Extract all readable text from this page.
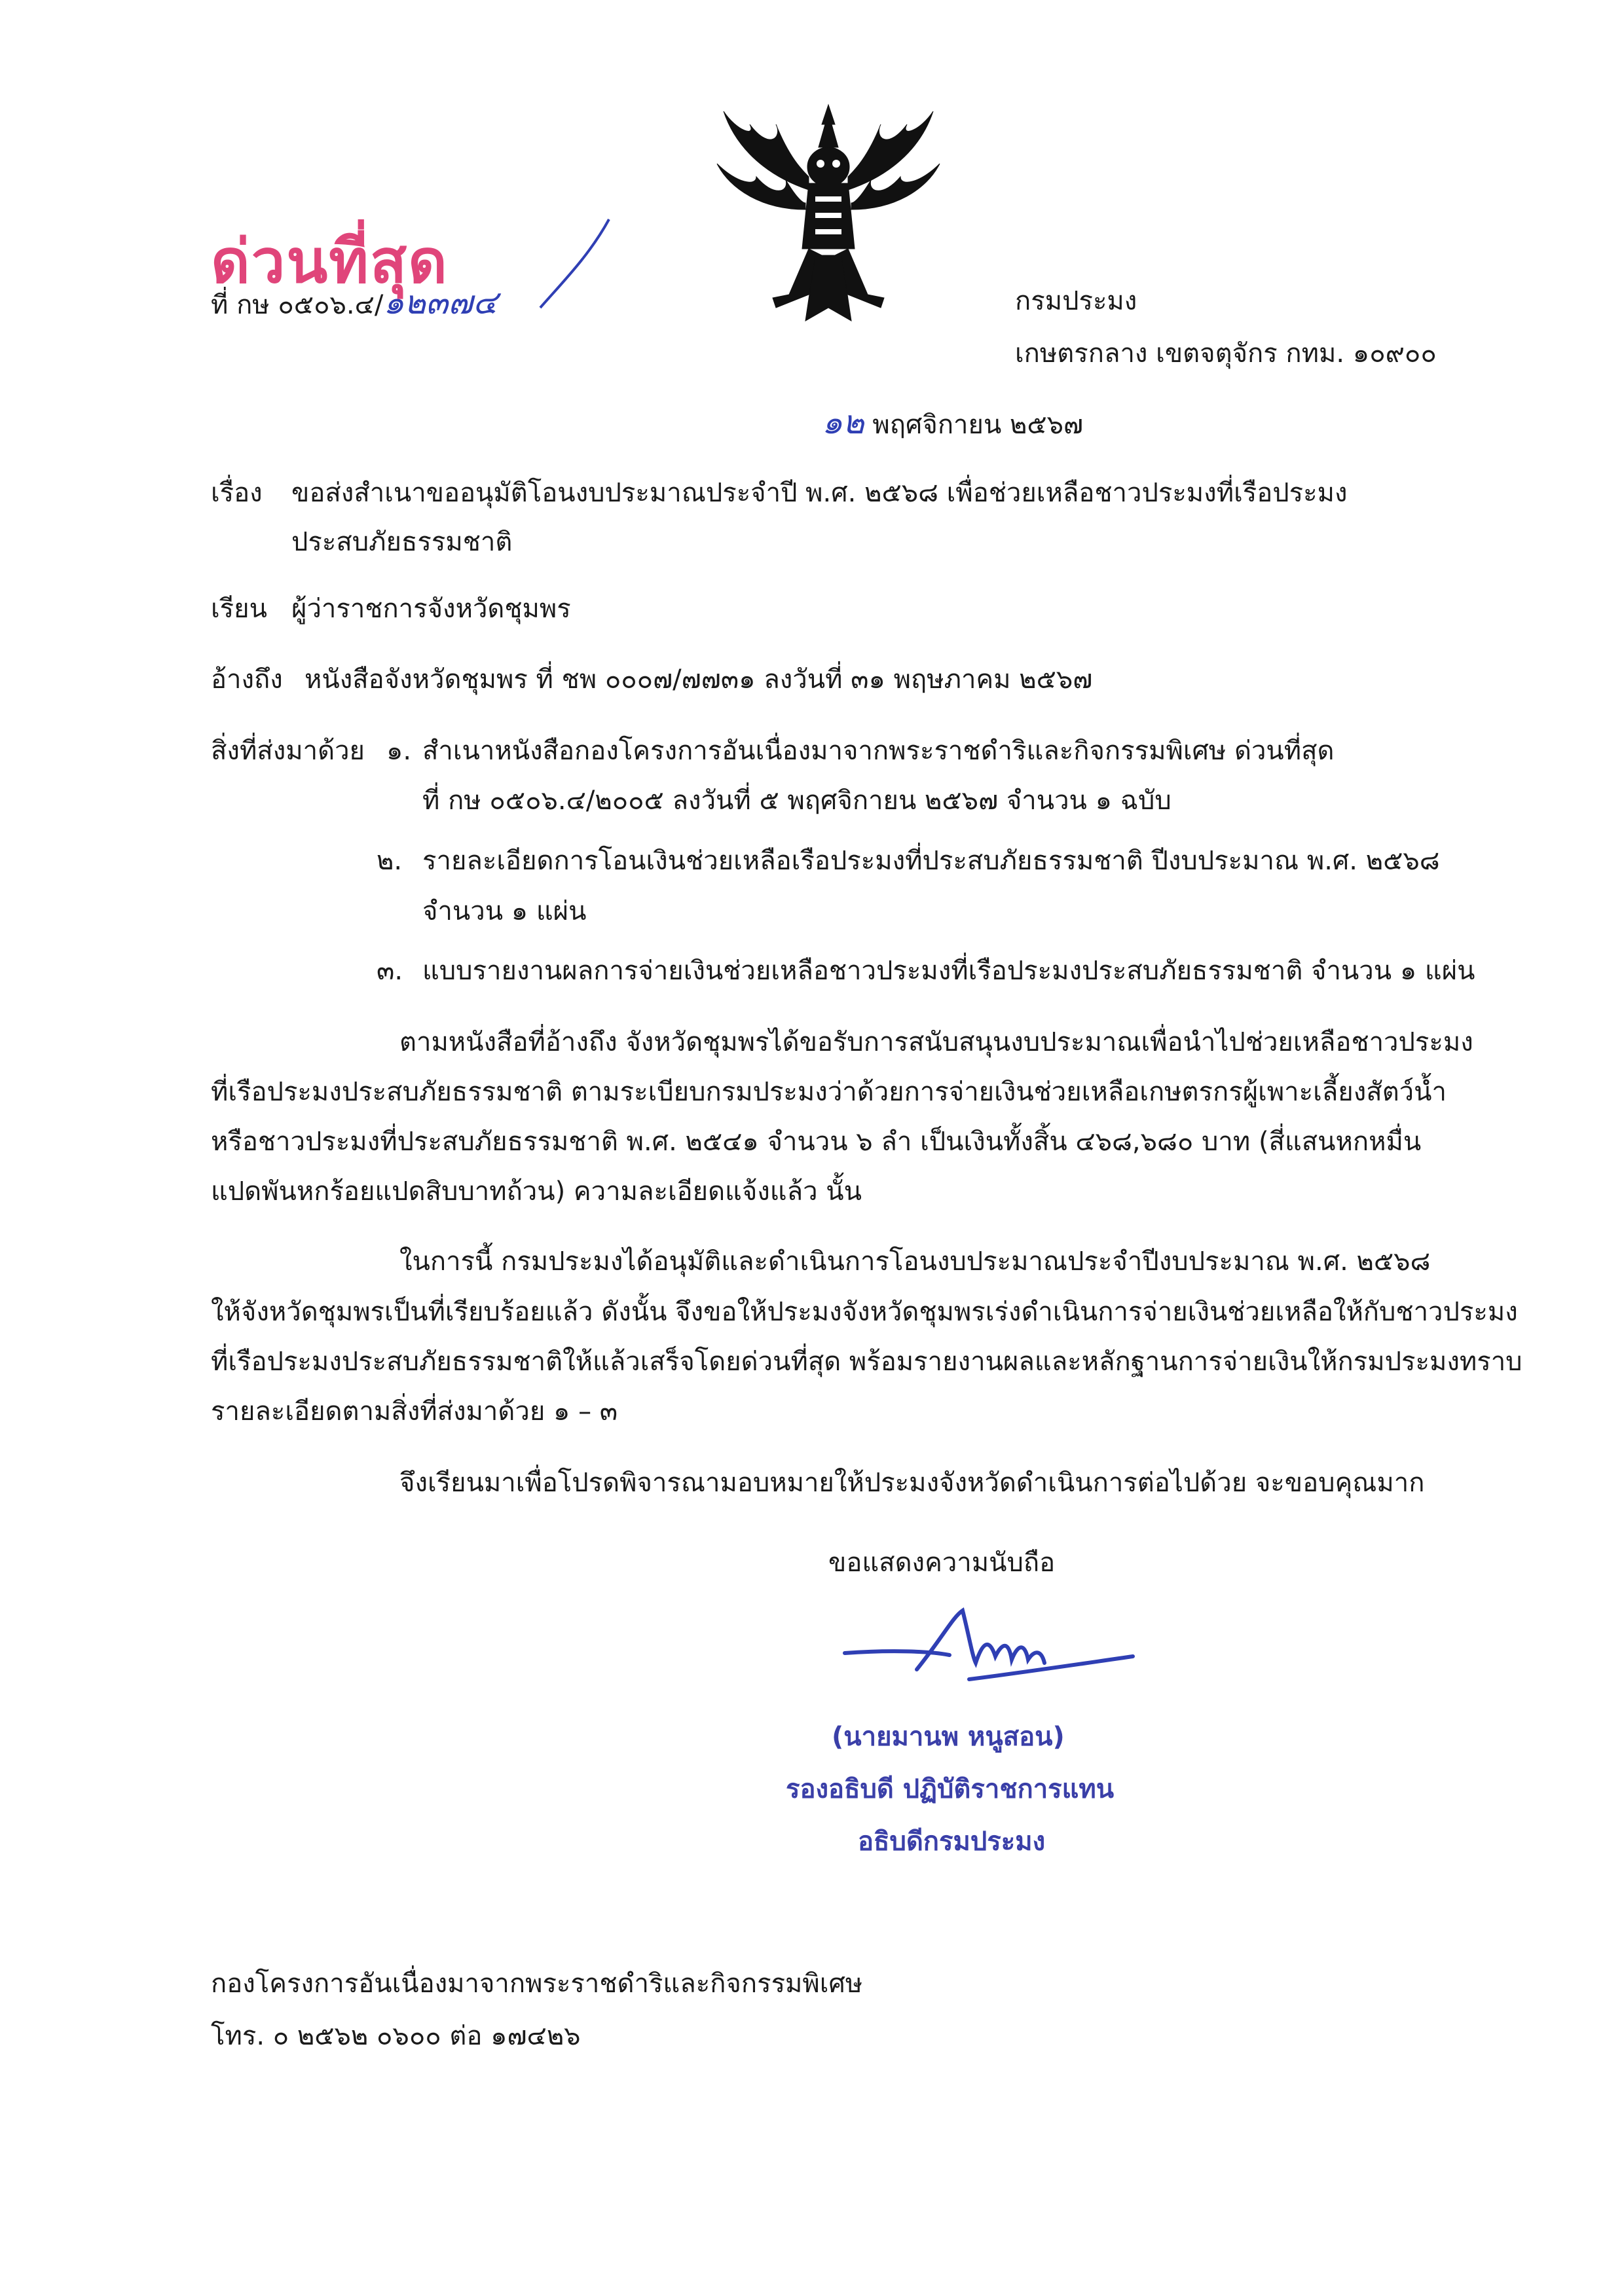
ด่วนที่สุด
ที่ กษ ๐๕๐๖.๔/๑๒๓๗๔	กรมประมง
เกษตรกลาง เขตจตุจักร กทม. ๑๐๙๐๐
๑๒ พฤศจิกายน ๒๕๖๗
เรื่อง ขอส่งสำเนาขออนุมัติโอนงบประมาณประจำปี พ.ศ. ๒๕๖๘ เพื่อช่วยเหลือชาวประมงที่เรือประมง
ประสบภัยธรรมชาติ
เรียน ผู้ว่าราชการจังหวัดชุมพร
อ้างถึง หนังสือจังหวัดชุมพร ที่ ชพ ๐๐๐๗/๗๗๓๑ ลงวันที่ ๓๑ พฤษภาคม ๒๕๖๗
สิ่งที่ส่งมาด้วย ๑. สำเนาหนังสือกองโครงการอันเนื่องมาจากพระราชดำริและกิจกรรมพิเศษ ด่วนที่สุด
ที่ กษ ๐๕๐๖.๔/๒๐๐๕ ลงวันที่ ๕ พฤศจิกายน ๒๕๖๗ จำนวน ๑ ฉบับ
๒. รายละเอียดการโอนเงินช่วยเหลือเรือประมงที่ประสบภัยธรรมชาติ ปีงบประมาณ พ.ศ. ๒๕๖๘
จำนวน ๑ แผ่น
๓. แบบรายงานผลการจ่ายเงินช่วยเหลือชาวประมงที่เรือประมงประสบภัยธรรมชาติ จำนวน ๑ แผ่น
ตามหนังสือที่อ้างถึง จังหวัดชุมพรได้ขอรับการสนับสนุนงบประมาณเพื่อนำไปช่วยเหลือชาวประมง
ที่เรือประมงประสบภัยธรรมชาติ ตามระเบียบกรมประมงว่าด้วยการจ่ายเงินช่วยเหลือเกษตรกรผู้เพาะเลี้ยงสัตว์น้ำ
หรือชาวประมงที่ประสบภัยธรรมชาติ พ.ศ. ๒๕๔๑ จำนวน ๖ ลำ เป็นเงินทั้งสิ้น ๔๖๘,๖๘๐ บาท (สี่แสนหกหมื่น
แปดพันหกร้อยแปดสิบบาทถ้วน) ความละเอียดแจ้งแล้ว นั้น
ในการนี้ กรมประมงได้อนุมัติและดำเนินการโอนงบประมาณประจำปีงบประมาณ พ.ศ. ๒๕๖๘
ให้จังหวัดชุมพรเป็นที่เรียบร้อยแล้ว ดังนั้น จึงขอให้ประมงจังหวัดชุมพรเร่งดำเนินการจ่ายเงินช่วยเหลือให้กับชาวประมง
ที่เรือประมงประสบภัยธรรมชาติให้แล้วเสร็จโดยด่วนที่สุด พร้อมรายงานผลและหลักฐานการจ่ายเงินให้กรมประมงทราบ
รายละเอียดตามสิ่งที่ส่งมาด้วย ๑ – ๓
จึงเรียนมาเพื่อโปรดพิจารณามอบหมายให้ประมงจังหวัดดำเนินการต่อไปด้วย จะขอบคุณมาก
ขอแสดงความนับถือ
(นายมานพ หนูสอน)
รองอธิบดี ปฏิบัติราชการแทน
อธิบดีกรมประมง
กองโครงการอันเนื่องมาจากพระราชดำริและกิจกรรมพิเศษ
โทร. ๐ ๒๕๖๒ ๐๖๐๐ ต่อ ๑๗๔๒๖
